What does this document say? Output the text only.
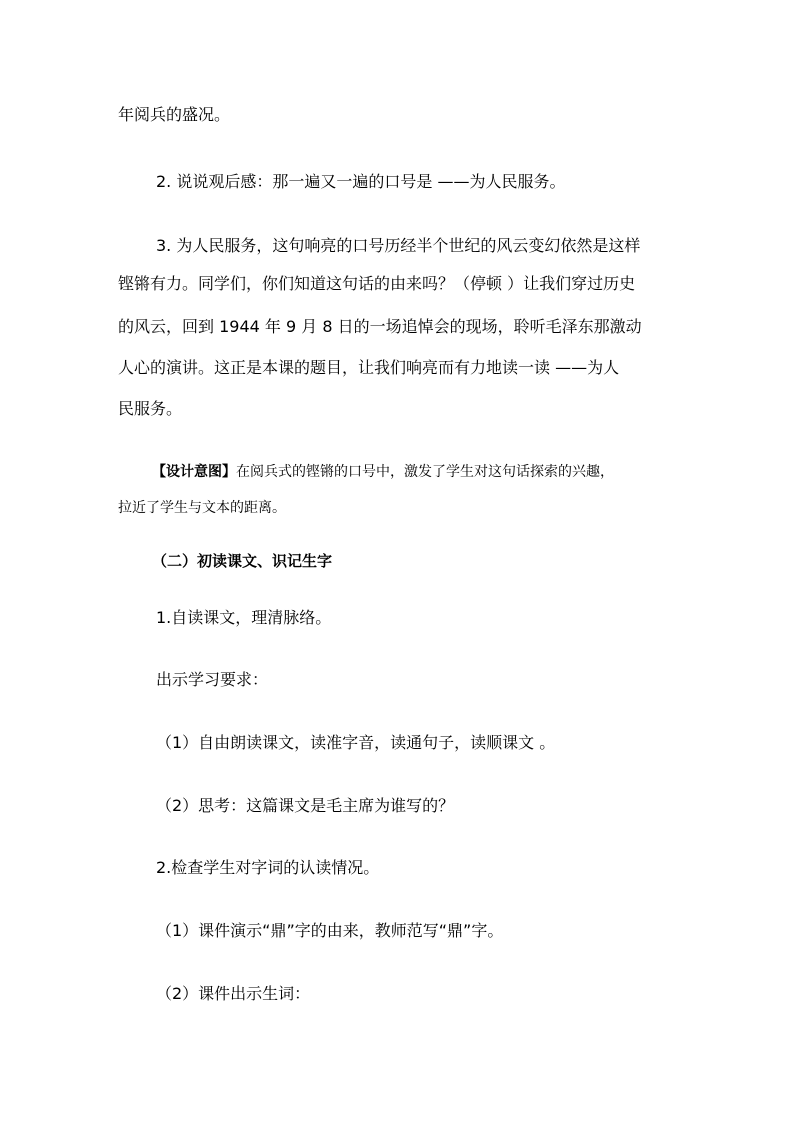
年阅兵的盛况。
2. 说说观后感：那一遍又一遍的口号是 ——为人民服务。
3. 为人民服务，这句响亮的口号历经半个世纪的风云变幻依然是这样
铿锵有力。同学们，你们知道这句话的由来吗？（停顿 ）让我们穿过历史
的风云，回到 1944 年 9 月 8 日的一场追悼会的现场，聆听毛泽东那激动
人心的演讲。这正是本课的题目，让我们响亮而有力地读一读 ——为人
民服务。
【设计意图】在阅兵式的铿锵的口号中，激发了学生对这句话探索的兴趣，
拉近了学生与文本的距离。
（二）初读课文、识记生字
1.自读课文，理清脉络。
出示学习要求：
（1）自由朗读课文，读准字音，读通句子，读顺课文 。
（2）思考：这篇课文是毛主席为谁写的？
2.检查学生对字词的认读情况。
（1）课件演示“鼎”字的由来，教师范写“鼎”字。
（2）课件出示生词：
